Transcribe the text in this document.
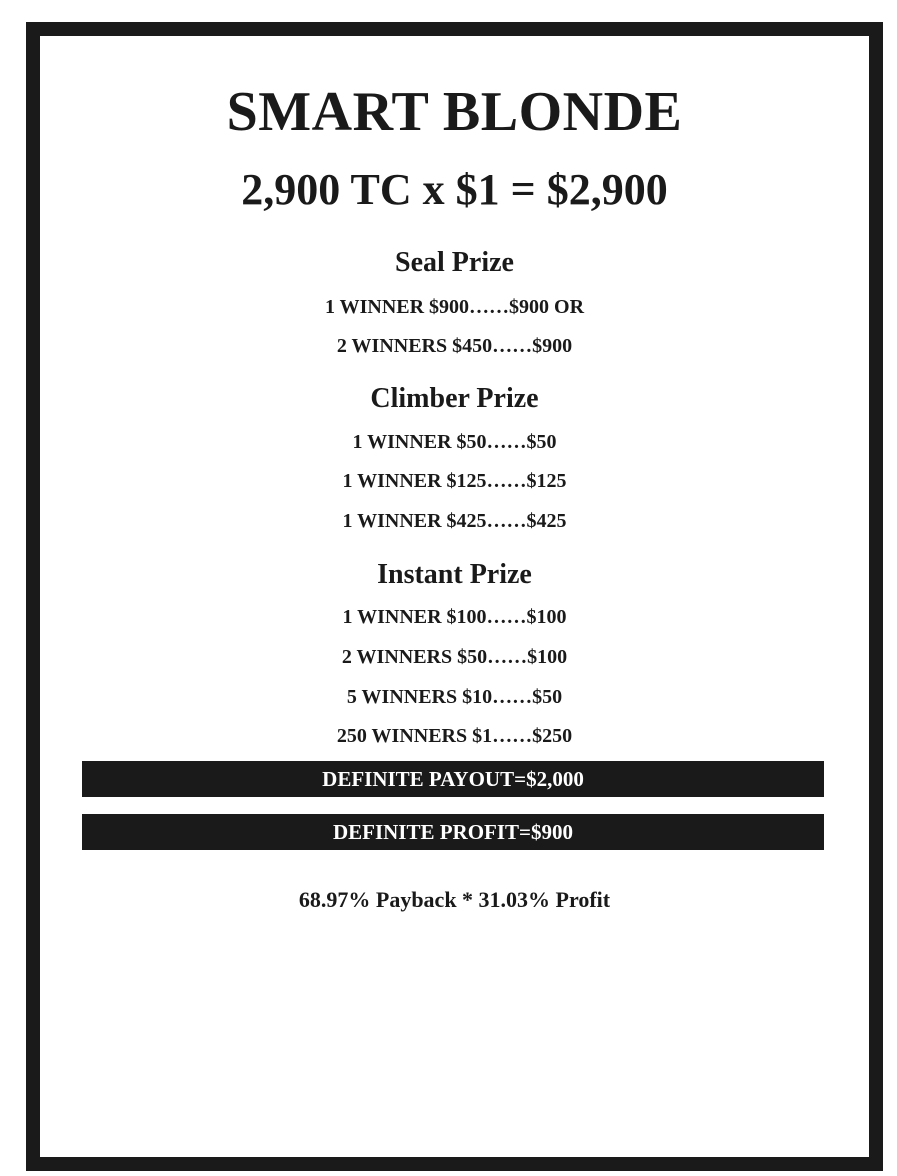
SMART BLONDE
2,900 TC x $1 = $2,900
Seal Prize
1 WINNER $900……$900 OR
2 WINNERS $450……$900
Climber Prize
1 WINNER $50……$50
1 WINNER $125……$125
1 WINNER $425……$425
Instant Prize
1 WINNER $100……$100
2 WINNERS $50……$100
5 WINNERS $10……$50
250 WINNERS $1……$250
DEFINITE PAYOUT=$2,000
DEFINITE PROFIT=$900
68.97% Payback * 31.03% Profit
